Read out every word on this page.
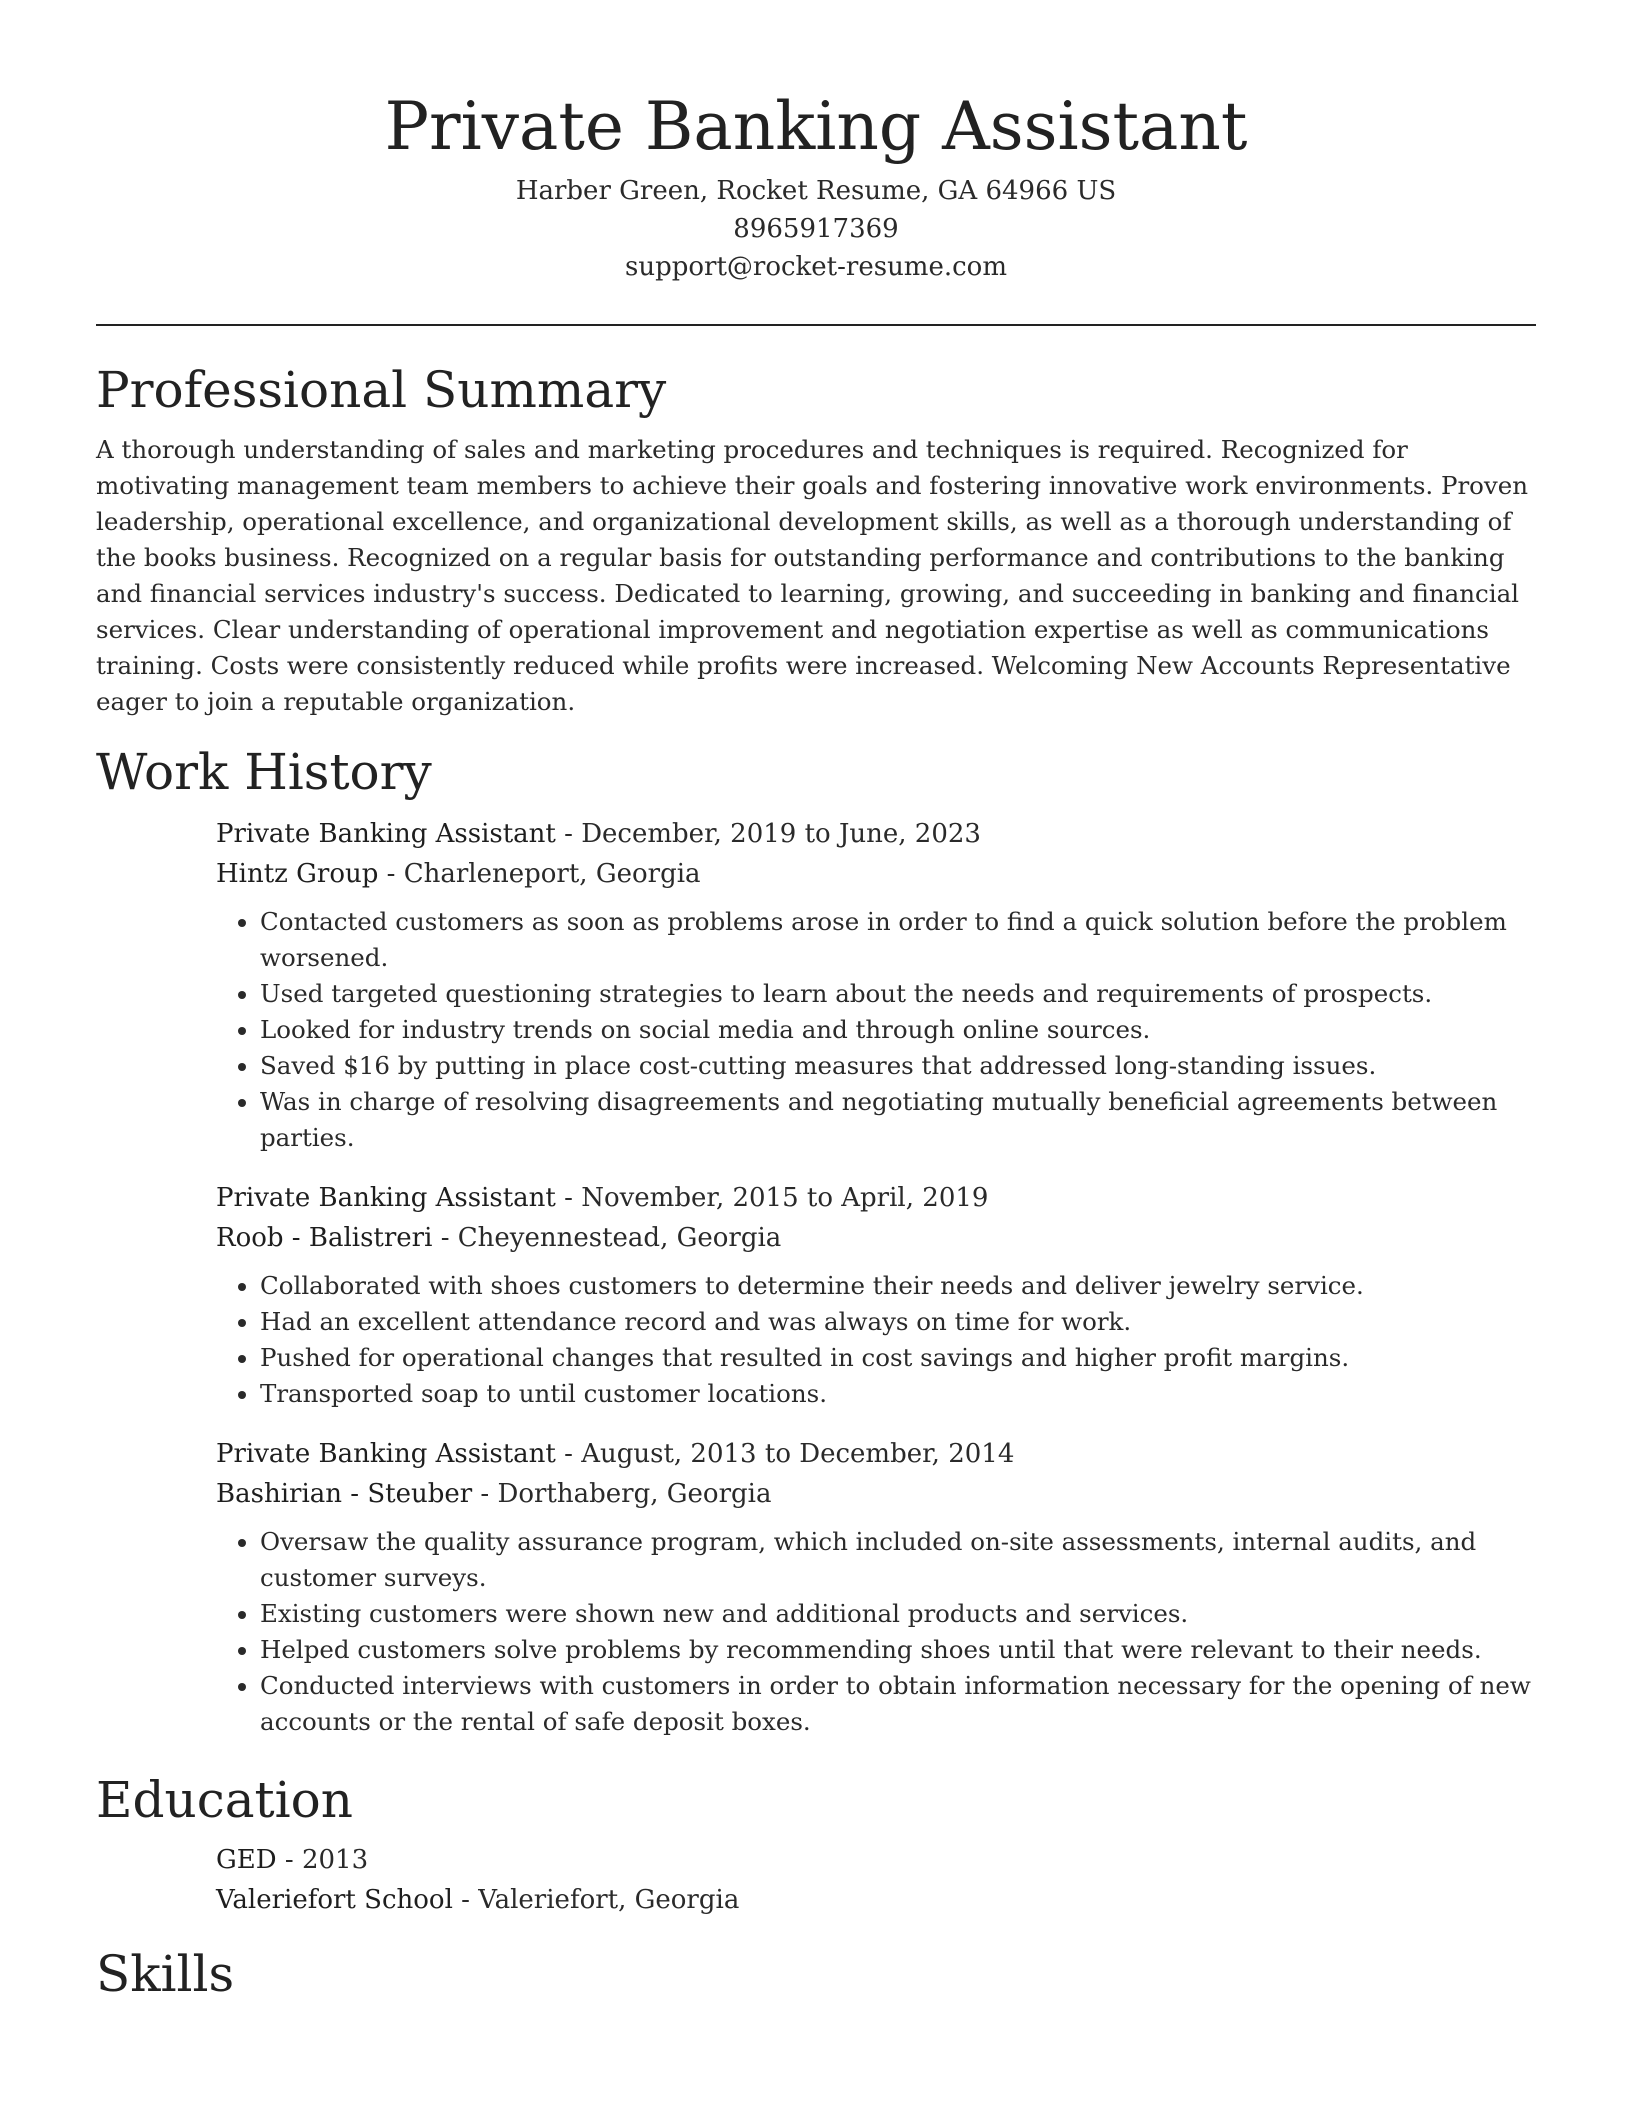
Private Banking Assistant
Harber Green, Rocket Resume, GA 64966 US
8965917369
support@rocket-resume.com
Professional Summary

A thorough understanding of sales and marketing procedures and techniques is required. Recognized for motivating management team members to achieve their goals and fostering innovative work environments. Proven leadership, operational excellence, and organizational development skills, as well as a thorough understanding of the books business. Recognized on a regular basis for outstanding performance and contributions to the banking and financial services industry's success. Dedicated to learning, growing, and succeeding in banking and financial services. Clear understanding of operational improvement and negotiation expertise as well as communications training. Costs were consistently reduced while profits were increased. Welcoming New Accounts Representative eager to join a reputable organization.

Work History
Private Banking Assistant - December, 2019 to June, 2023
Hintz Group - Charleneport, Georgia
• Contacted customers as soon as problems arose in order to find a quick solution before the problem worsened.
• Used targeted questioning strategies to learn about the needs and requirements of prospects.
• Looked for industry trends on social media and through online sources.
• Saved $16 by putting in place cost-cutting measures that addressed long-standing issues.
• Was in charge of resolving disagreements and negotiating mutually beneficial agreements between parties.
Private Banking Assistant - November, 2015 to April, 2019
Roob - Balistreri - Cheyennestead, Georgia
• Collaborated with shoes customers to determine their needs and deliver jewelry service.
• Had an excellent attendance record and was always on time for work.
• Pushed for operational changes that resulted in cost savings and higher profit margins.
• Transported soap to until customer locations.
Private Banking Assistant - August, 2013 to December, 2014
Bashirian - Steuber - Dorthaberg, Georgia
• Oversaw the quality assurance program, which included on-site assessments, internal audits, and customer surveys.
• Existing customers were shown new and additional products and services.
• Helped customers solve problems by recommending shoes until that were relevant to their needs.
• Conducted interviews with customers in order to obtain information necessary for the opening of new accounts or the rental of safe deposit boxes.
Education
GED - 2013
Valeriefort School - Valeriefort, Georgia
Skills
